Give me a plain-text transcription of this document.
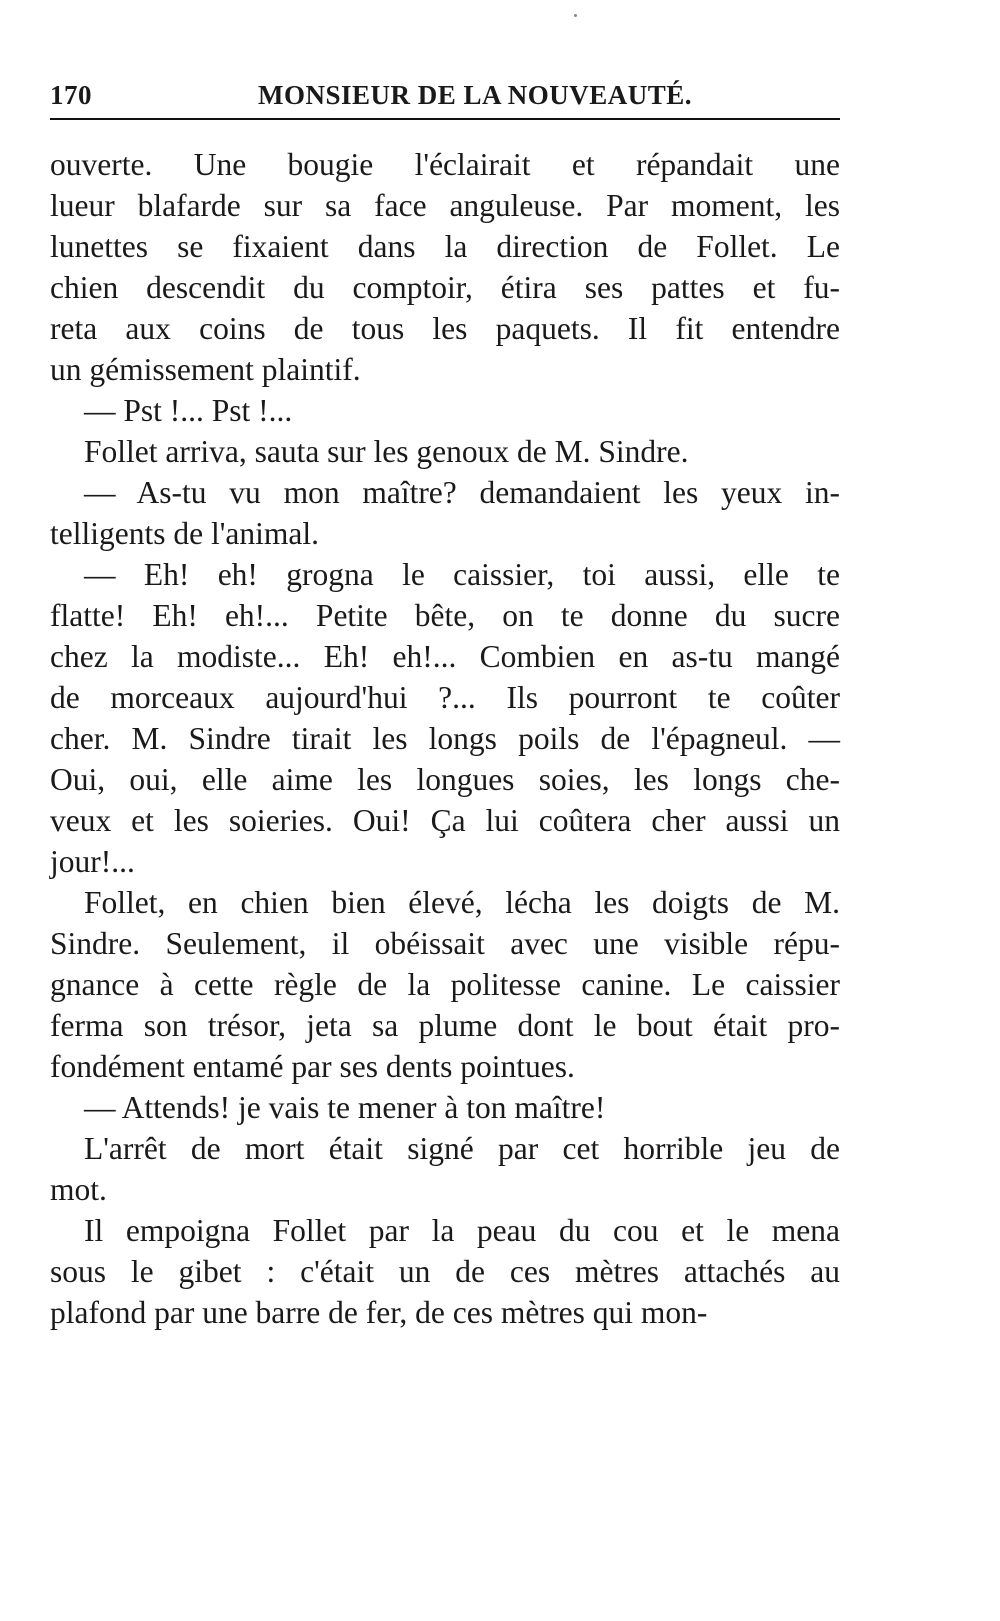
170	MONSIEUR DE LA NOUVEAUTÉ.

ouverte. Une bougie l'éclairait et répandait une
lueur blafarde sur sa face anguleuse. Par moment, les
lunettes se fixaient dans la direction de Follet. Le
chien descendit du comptoir, étira ses pattes et fu-
reta aux coins de tous les paquets. Il fit entendre
un gémissement plaintif.

— Pst !... Pst !...

Follet arriva, sauta sur les genoux de M. Sindre.

— As-tu vu mon maître? demandaient les yeux in-
telligents de l'animal.

— Eh! eh! grogna le caissier, toi aussi, elle te
flatte! Eh! eh!... Petite bête, on te donne du sucre
chez la modiste... Eh! eh!... Combien en as-tu mangé
de morceaux aujourd'hui ?... Ils pourront te coûter
cher. M. Sindre tirait les longs poils de l'épagneul. —
Oui, oui, elle aime les longues soies, les longs che-
veux et les soieries. Oui! Ça lui coûtera cher aussi un
jour!...

Follet, en chien bien élevé, lécha les doigts de M.
Sindre. Seulement, il obéissait avec une visible répu-
gnance à cette règle de la politesse canine. Le caissier
ferma son trésor, jeta sa plume dont le bout était pro-
fondément entamé par ses dents pointues.

— Attends! je vais te mener à ton maître!

L'arrêt de mort était signé par cet horrible jeu de
mot.

Il empoigna Follet par la peau du cou et le mena
sous le gibet : c'était un de ces mètres attachés au
plafond par une barre de fer, de ces mètres qui mon-
